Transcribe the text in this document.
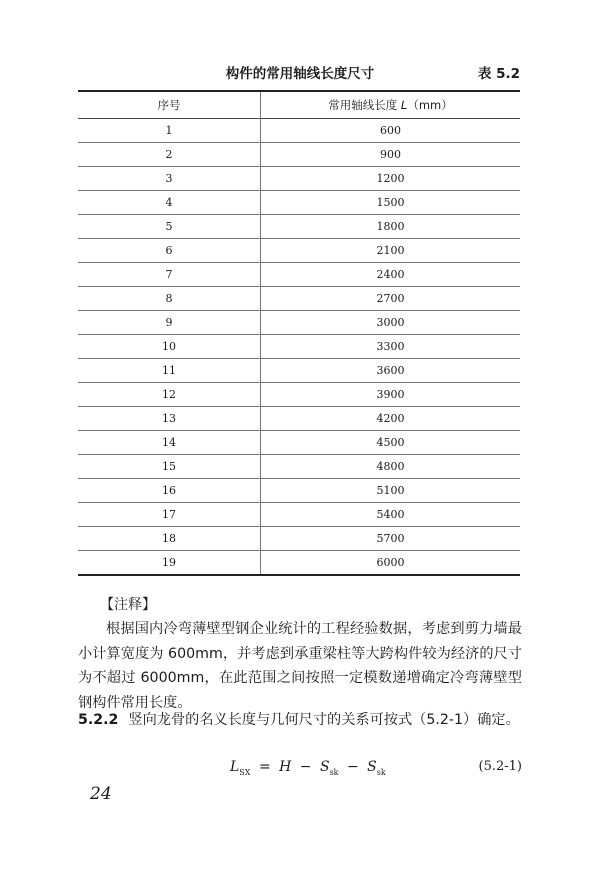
构件的常用轴线长度尺寸	表 5.2
序号	常用轴线长度 L（mm）
1	600
2	900
3	1200
4	1500
5	1800
6	2100
7	2400
8	2700
9	3000
10	3300
11	3600
12	3900
13	4200
14	4500
15	4800
16	5100
17	5400
18	5700
19	6000
【注释】
根据国内冷弯薄壁型钢企业统计的工程经验数据，考虑到剪力墙最小计算宽度为 600mm，并考虑到承重梁柱等大跨构件较为经济的尺寸为不超过 6000mm，在此范围之间按照一定模数递增确定冷弯薄壁型钢构件常用长度。
5.2.2 竖向龙骨的名义长度与几何尺寸的关系可按式（5.2-1）确定。
$L_{SX} = H - S_{sk} - S_{sk}$	(5.2-1)
24
